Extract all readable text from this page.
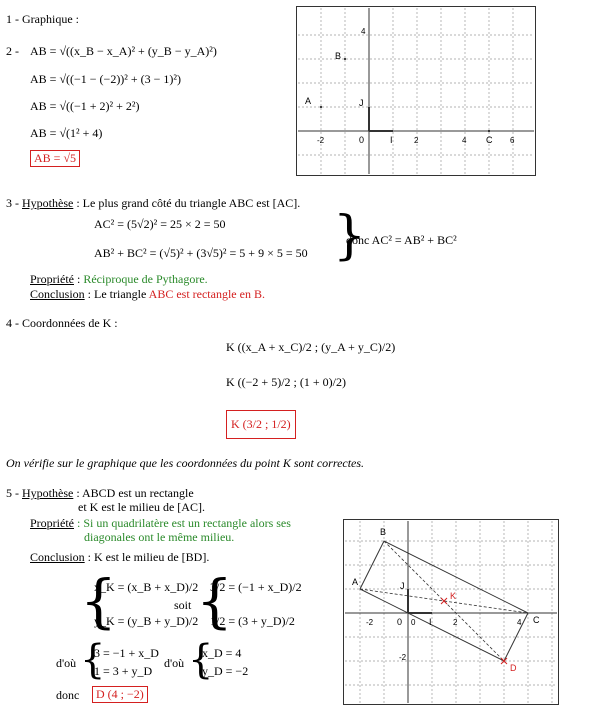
1 - Graphique :
-2	0	I	2	4 C 6
4
J
B
A
2 - AB = √((x_B − x_A)² + (y_B − y_A)²)
AB = √((−1 − (−2))² + (3 − 1)²)
AB = √((−1 + 2)² + 2²)
AB = √(1² + 4)
AB = √5
3 - Hypothèse : Le plus grand côté du triangle ABC est [AC].
AC² = (5√2)² = 25 × 2 = 50
AB² + BC² = (√5)² + (3√5)² = 5 + 9 × 5 = 50 }
donc AC² = AB² + BC²
Propriété : Réciproque de Pythagore.
Conclusion : Le triangle ABC est rectangle en B.
4 - Coordonnées de K :
K ((x_A + x_C)/2 ; (y_A + y_C)/2)
K ((−2 + 5)/2 ; (1 + 0)/2)
K (3/2 ; 1/2)
On vérifie sur le graphique que les coordonnées du point K sont correctes.
5 - Hypothèse : ABCD est un rectangle
et K est le milieu de [AC].
Propriété : Si un quadrilatère est un rectangle alors ses
diagonales ont le même milieu.
Conclusion : K est le milieu de [BD].
{
x_K = (x_B + x_D)/2
y_K = (y_B + y_D)/2
soit {
3/2 = (−1 + x_D)/2
1/2 = (3 + y_D)/2
d'où {
3 = −1 + x_D
1 = 3 + y_D
d'où {
x_D = 4
y_D = −2
donc	D (4 ; −2)
-2	0 0 I	2	4
J
-2
A
B
C
D
K
